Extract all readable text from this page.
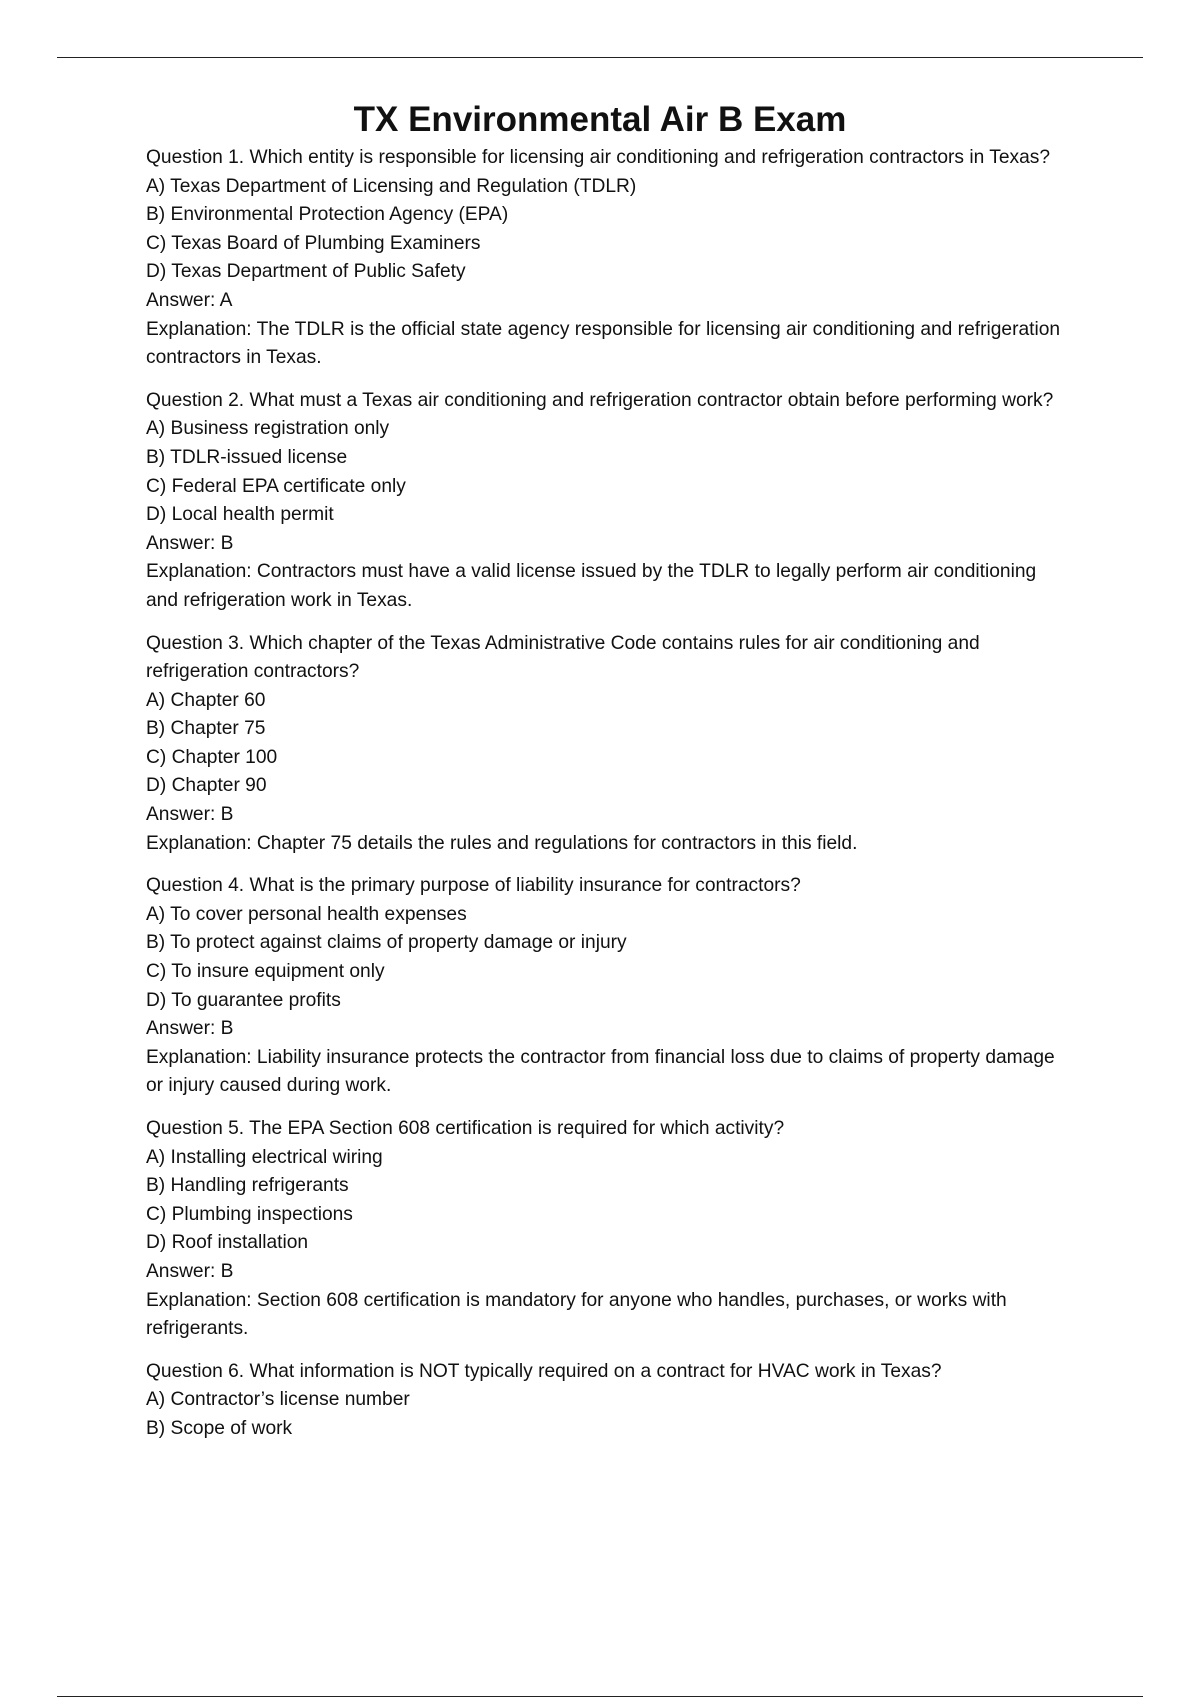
TX Environmental Air B Exam

Question 1. Which entity is responsible for licensing air conditioning and refrigeration contractors in Texas?

A) Texas Department of Licensing and Regulation (TDLR)

B) Environmental Protection Agency (EPA)

C) Texas Board of Plumbing Examiners

D) Texas Department of Public Safety

Answer: A

Explanation: The TDLR is the official state agency responsible for licensing air conditioning and refrigeration contractors in Texas.

Question 2. What must a Texas air conditioning and refrigeration contractor obtain before performing work?

A) Business registration only

B) TDLR-issued license

C) Federal EPA certificate only

D) Local health permit

Answer: B

Explanation: Contractors must have a valid license issued by the TDLR to legally perform air conditioning and refrigeration work in Texas.

Question 3. Which chapter of the Texas Administrative Code contains rules for air conditioning and refrigeration contractors?

A) Chapter 60

B) Chapter 75

C) Chapter 100

D) Chapter 90

Answer: B

Explanation: Chapter 75 details the rules and regulations for contractors in this field.

Question 4. What is the primary purpose of liability insurance for contractors?

A) To cover personal health expenses

B) To protect against claims of property damage or injury

C) To insure equipment only

D) To guarantee profits

Answer: B

Explanation: Liability insurance protects the contractor from financial loss due to claims of property damage or injury caused during work.

Question 5. The EPA Section 608 certification is required for which activity?

A) Installing electrical wiring

B) Handling refrigerants

C) Plumbing inspections

D) Roof installation

Answer: B

Explanation: Section 608 certification is mandatory for anyone who handles, purchases, or works with refrigerants.

Question 6. What information is NOT typically required on a contract for HVAC work in Texas?

A) Contractor’s license number

B) Scope of work
